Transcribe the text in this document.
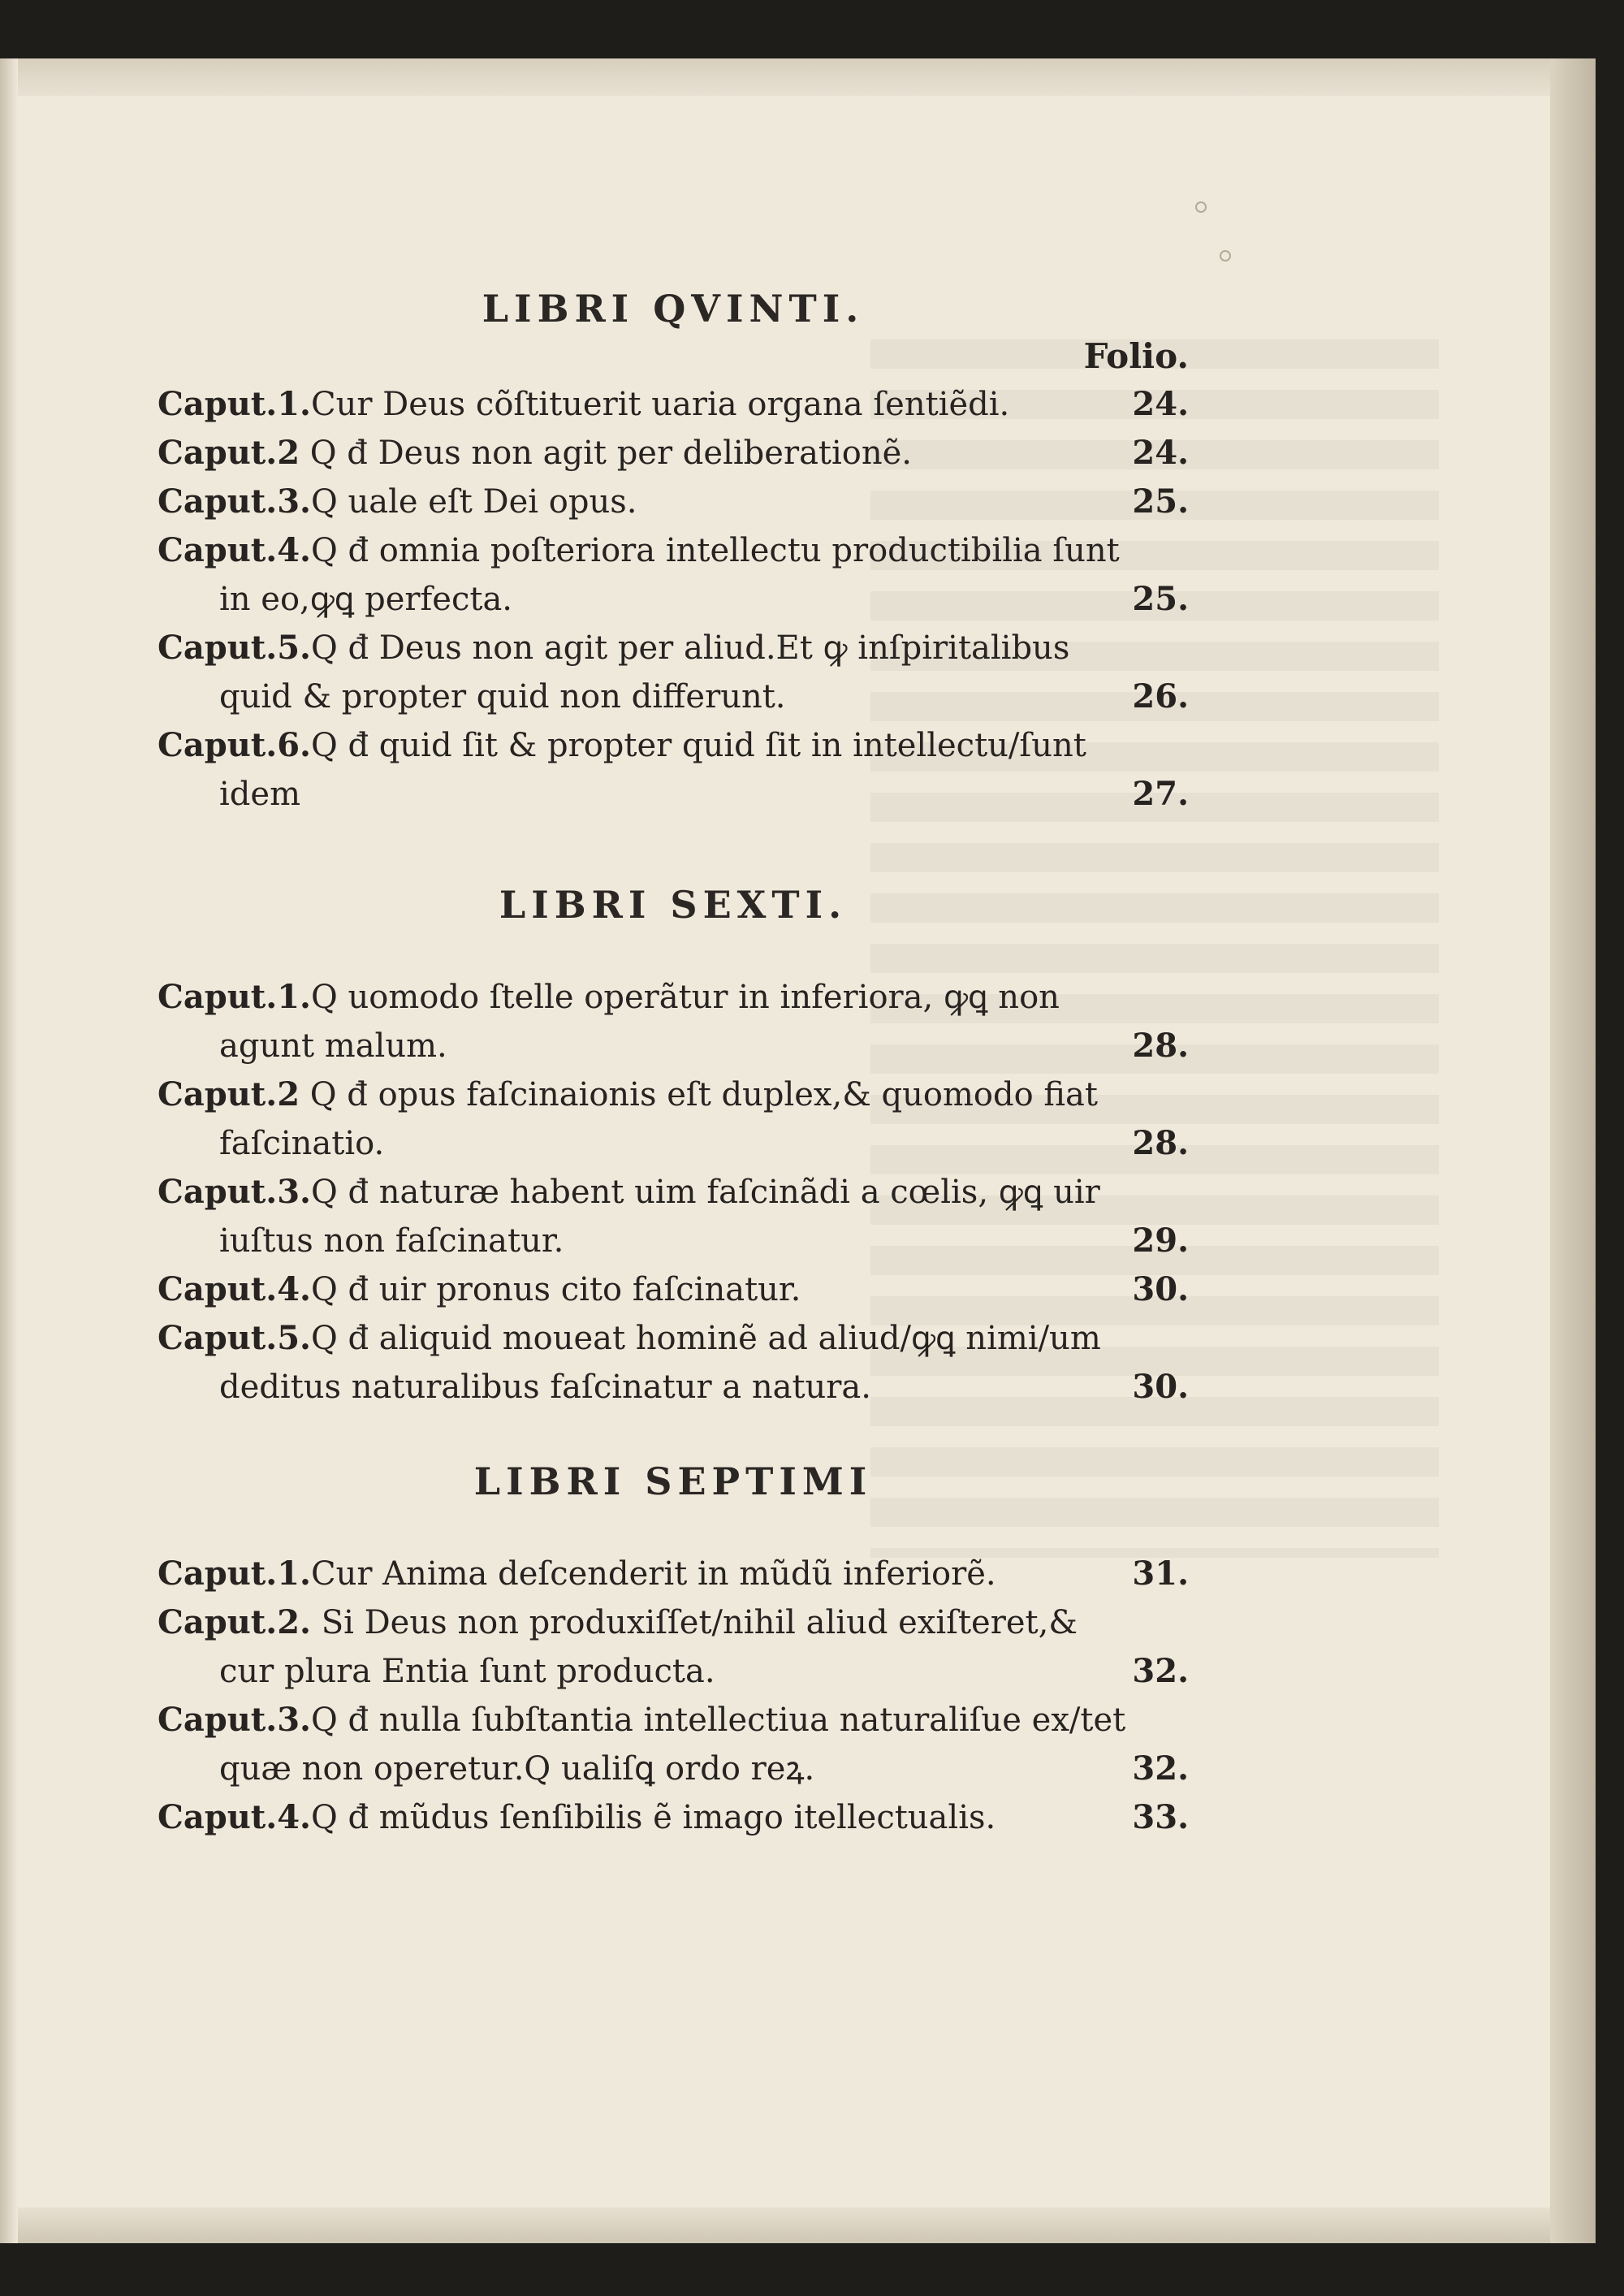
LIBRI QVINTI.

Folio.

Caput.1.Cur Deus cõſtituerit uaria organa ſentiẽdi.	24.
Caput.2 Q đ Deus non agit per deliberationẽ.	24.
Caput.3.Q uale eſt Dei opus.	25.
Caput.4.Q đ omnia poſteriora intellectu productibilia ſunt in eo,ꝙꝗ perfecta.	25.
Caput.5.Q đ Deus non agit per aliud.Et ꝙ inſpiritalibus quid & propter quid non differunt.	26.
Caput.6.Q đ quid ſit & propter quid ſit in intellectu/ſunt idem	27.
LIBRI SEXTI.
Caput.1.Q uomodo ſtelle operãtur in inferiora, ꝙꝗ non agunt malum.	28.
Caput.2 Q đ opus faſcinaionis eſt duplex,& quomodo fiat faſcinatio.	28.
Caput.3.Q đ naturæ habent uim faſcinãdi a cœlis, ꝙꝗ uir iuſtus non faſcinatur.	29.
Caput.4.Q đ uir pronus cito faſcinatur.	30.
Caput.5.Q đ aliquid moueat hominẽ ad aliud/ꝙꝗ nimi/um deditus naturalibus faſcinatur a natura.	30.
LIBRI SEPTIMI
Caput.1.Cur Anima deſcenderit in mũdũ inferiorẽ.	31.
Caput.2. Si Deus non produxiſſet/nihil aliud exiſteret,& cur plura Entia ſunt producta.	32.
Caput.3.Q đ nulla ſubſtantia intellectiua naturaliſue ex/tet quæ non operetur.Q ualiſꝗ ordo reꝝ.	32.
Caput.4.Q đ mũdus ſenſibilis ẽ imago itellectualis.	33.
